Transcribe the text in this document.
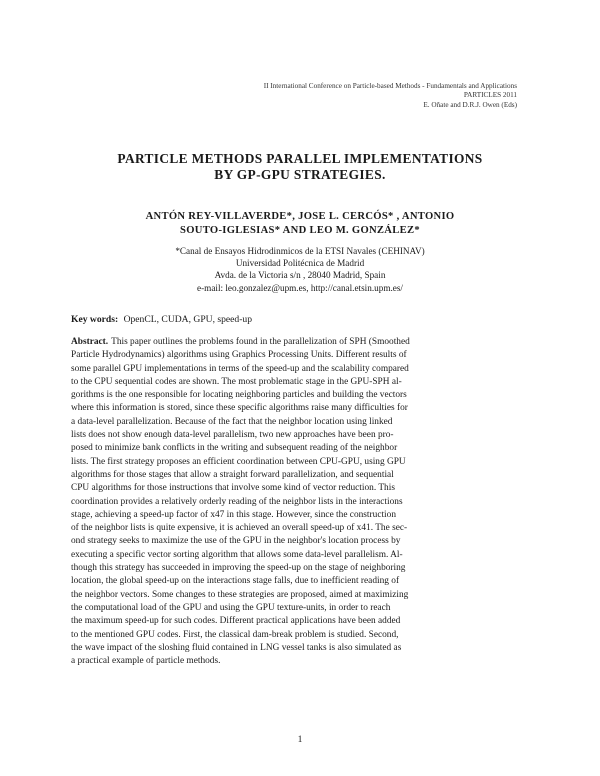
II International Conference on Particle-based Methods - Fundamentals and Applications
PARTICLES 2011
E. Oñate and D.R.J. Owen (Eds)
PARTICLE METHODS PARALLEL IMPLEMENTATIONS
BY GP-GPU STRATEGIES.
ANTÓN REY-VILLAVERDE*, JOSE L. CERCÓS* , ANTONIO
SOUTO-IGLESIAS* AND LEO M. GONZÁLEZ*
*Canal de Ensayos Hidrodinmicos de la ETSI Navales (CEHINAV)
Universidad Politécnica de Madrid
Avda. de la Victoria s/n , 28040 Madrid, Spain
e-mail: leo.gonzalez@upm.es, http://canal.etsin.upm.es/
Key words: OpenCL, CUDA, GPU, speed-up
Abstract. This paper outlines the problems found in the parallelization of SPH (Smoothed
Particle Hydrodynamics) algorithms using Graphics Processing Units. Different results of
some parallel GPU implementations in terms of the speed-up and the scalability compared
to the CPU sequential codes are shown. The most problematic stage in the GPU-SPH al-
gorithms is the one responsible for locating neighboring particles and building the vectors
where this information is stored, since these specific algorithms raise many difficulties for
a data-level parallelization. Because of the fact that the neighbor location using linked
lists does not show enough data-level parallelism, two new approaches have been pro-
posed to minimize bank conflicts in the writing and subsequent reading of the neighbor
lists. The first strategy proposes an efficient coordination between CPU-GPU, using GPU
algorithms for those stages that allow a straight forward parallelization, and sequential
CPU algorithms for those instructions that involve some kind of vector reduction. This
coordination provides a relatively orderly reading of the neighbor lists in the interactions
stage, achieving a speed-up factor of x47 in this stage. However, since the construction
of the neighbor lists is quite expensive, it is achieved an overall speed-up of x41. The sec-
ond strategy seeks to maximize the use of the GPU in the neighbor's location process by
executing a specific vector sorting algorithm that allows some data-level parallelism. Al-
though this strategy has succeeded in improving the speed-up on the stage of neighboring
location, the global speed-up on the interactions stage falls, due to inefficient reading of
the neighbor vectors. Some changes to these strategies are proposed, aimed at maximizing
the computational load of the GPU and using the GPU texture-units, in order to reach
the maximum speed-up for such codes. Different practical applications have been added
to the mentioned GPU codes. First, the classical dam-break problem is studied. Second,
the wave impact of the sloshing fluid contained in LNG vessel tanks is also simulated as
a practical example of particle methods.
1
